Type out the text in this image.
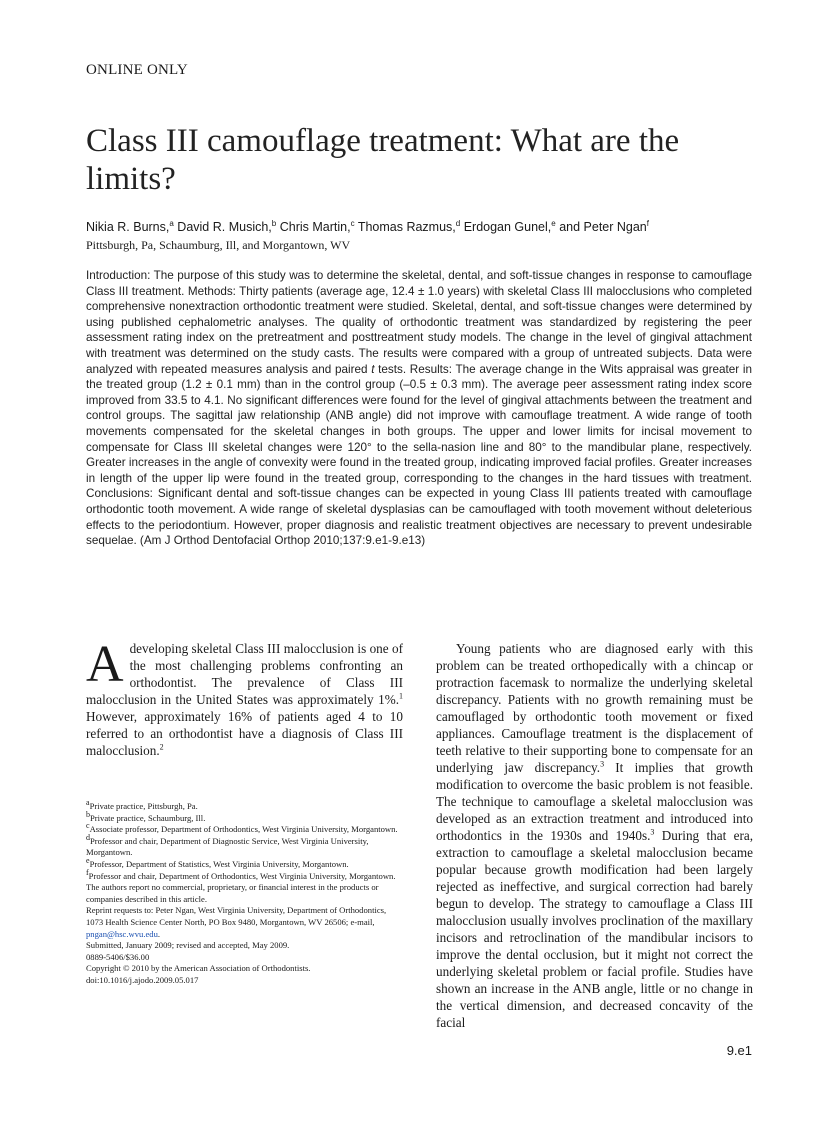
ONLINE ONLY
Class III camouflage treatment: What are the limits?
Nikia R. Burns,$^a$ David R. Musich,$^b$ Chris Martin,$^c$ Thomas Razmus,$^d$ Erdogan Gunel,$^e$ and Peter Ngan$^f$
Pittsburgh, Pa, Schaumburg, Ill, and Morgantown, WV

Introduction: The purpose of this study was to determine the skeletal, dental, and soft-tissue changes in response to camouflage Class III treatment. Methods: Thirty patients (average age, 12.4 ± 1.0 years) with skeletal Class III malocclusions who completed comprehensive nonextraction orthodontic treatment were studied. Skeletal, dental, and soft-tissue changes were determined by using published cephalometric analyses. The quality of orthodontic treatment was standardized by registering the peer assessment rating index on the pretreatment and posttreatment study models. The change in the level of gingival attachment with treatment was determined on the study casts. The results were compared with a group of untreated subjects. Data were analyzed with repeated measures analysis and paired t tests. Results: The average change in the Wits appraisal was greater in the treated group (1.2 ± 0.1 mm) than in the control group (–0.5 ± 0.3 mm). The average peer assessment rating index score improved from 33.5 to 4.1. No significant differences were found for the level of gingival attachments between the treatment and control groups. The sagittal jaw relationship (ANB angle) did not improve with camouflage treatment. A wide range of tooth movements compensated for the skeletal changes in both groups. The upper and lower limits for incisal movement to compensate for Class III skeletal changes were 120° to the sella-nasion line and 80° to the mandibular plane, respectively. Greater increases in the angle of convexity were found in the treated group, indicating improved facial profiles. Greater increases in length of the upper lip were found in the treated group, corresponding to the changes in the hard tissues with treatment. Conclusions: Significant dental and soft-tissue changes can be expected in young Class III patients treated with camouflage orthodontic tooth movement. A wide range of skeletal dysplasias can be camouflaged with tooth movement without deleterious effects to the periodontium. However, proper diagnosis and realistic treatment objectives are necessary to prevent undesirable sequelae. (Am J Orthod Dentofacial Orthop 2010;137:9.e1-9.e13)

A developing skeletal Class III malocclusion is one of the most challenging problems confronting an orthodontist. The prevalence of Class III malocclusion in the United States was approximately 1%.$^1$ However, approximately 16% of patients aged 4 to 10 referred to an orthodontist have a diagnosis of Class III malocclusion.$^2$

$^a$Private practice, Pittsburgh, Pa.
$^b$Private practice, Schaumburg, Ill.
$^c$Associate professor, Department of Orthodontics, West Virginia University, Morgantown.
$^d$Professor and chair, Department of Diagnostic Service, West Virginia University, Morgantown.
$^e$Professor, Department of Statistics, West Virginia University, Morgantown.
$^f$Professor and chair, Department of Orthodontics, West Virginia University, Morgantown.
The authors report no commercial, proprietary, or financial interest in the products or companies described in this article.
Reprint requests to: Peter Ngan, West Virginia University, Department of Orthodontics, 1073 Health Science Center North, PO Box 9480, Morgantown, WV 26506; e-mail, pngan@hsc.wvu.edu.
Submitted, January 2009; revised and accepted, May 2009.
0889-5406/$36.00
Copyright © 2010 by the American Association of Orthodontists.
doi:10.1016/j.ajodo.2009.05.017

Young patients who are diagnosed early with this problem can be treated orthopedically with a chincap or protraction facemask to normalize the underlying skeletal discrepancy. Patients with no growth remaining must be camouflaged by orthodontic tooth movement or fixed appliances. Camouflage treatment is the displacement of teeth relative to their supporting bone to compensate for an underlying jaw discrepancy.$^3$ It implies that growth modification to overcome the basic problem is not feasible. The technique to camouflage a skeletal malocclusion was developed as an extraction treatment and introduced into orthodontics in the 1930s and 1940s.$^3$ During that era, extraction to camouflage a skeletal malocclusion became popular because growth modification had been largely rejected as ineffective, and surgical correction had barely begun to develop. The strategy to camouflage a Class III malocclusion usually involves proclination of the maxillary incisors and retroclination of the mandibular incisors to improve the dental occlusion, but it might not correct the underlying skeletal problem or facial profile. Studies have shown an increase in the ANB angle, little or no change in the vertical dimension, and decreased concavity of the facial

9.e1
